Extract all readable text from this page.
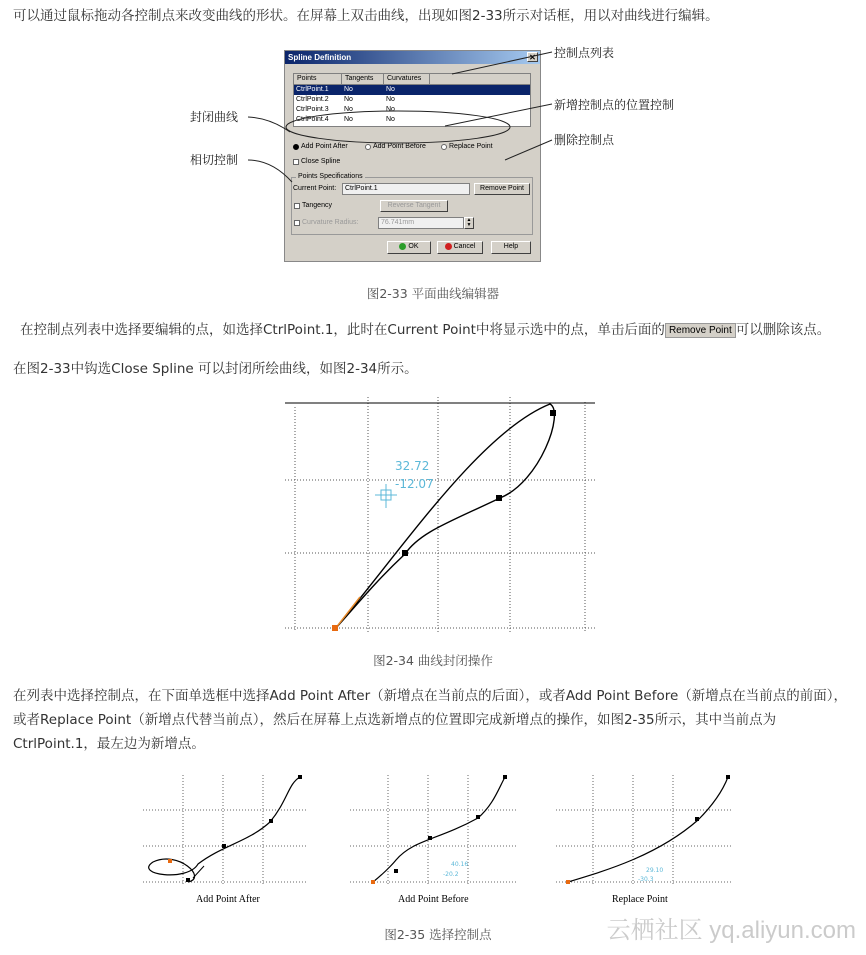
可以通过鼠标拖动各控制点来改变曲线的形状。在屏幕上双击曲线，出现如图2-33所示对话框，用以对曲线进行编辑。
Spline Definition	✕
Points	Tangents	Curvatures
CtrlPoint.1	No	No
CtrlPoint.2	No	No
CtrlPoint.3	No	No
CtrlPoint.4	No	No
Add Point After	Add Point Before	Replace Point
Close Spline
Points Specifications
Current Point:	CtrlPoint.1	Remove Point
Tangency	Reverse Tangent
Curvature Radius:	76.741mm	▲
▼
OK	Cancel	Help
控制点列表
新增控制点的位置控制
删除控制点
封闭曲线
相切控制
图2-33 平面曲线编辑器
在控制点列表中选择要编辑的点，如选择CtrlPoint.1，此时在Current Point中将显示选中的点，单击后面的 Remove Point 可以删除该点。
在图2-33中钩选Close Spline 可以封闭所绘曲线，如图2-34所示。
32.72
-12.07
图2-34 曲线封闭操作
在列表中选择控制点，在下面单选框中选择Add Point After（新增点在当前点的后面），或者Add Point Before（新增点在当前点的前面），或者Replace Point（新增点代替当前点），然后在屏幕上点选新增点的位置即完成新增点的操作，如图2-35所示，其中当前点为CtrlPoint.1，最左边为新增点。
40.16
-20.2
29.10
-30.3
Add Point After	Add Point Before	Replace Point
图2-35 选择控制点	云栖社区 yq.aliyun.com
